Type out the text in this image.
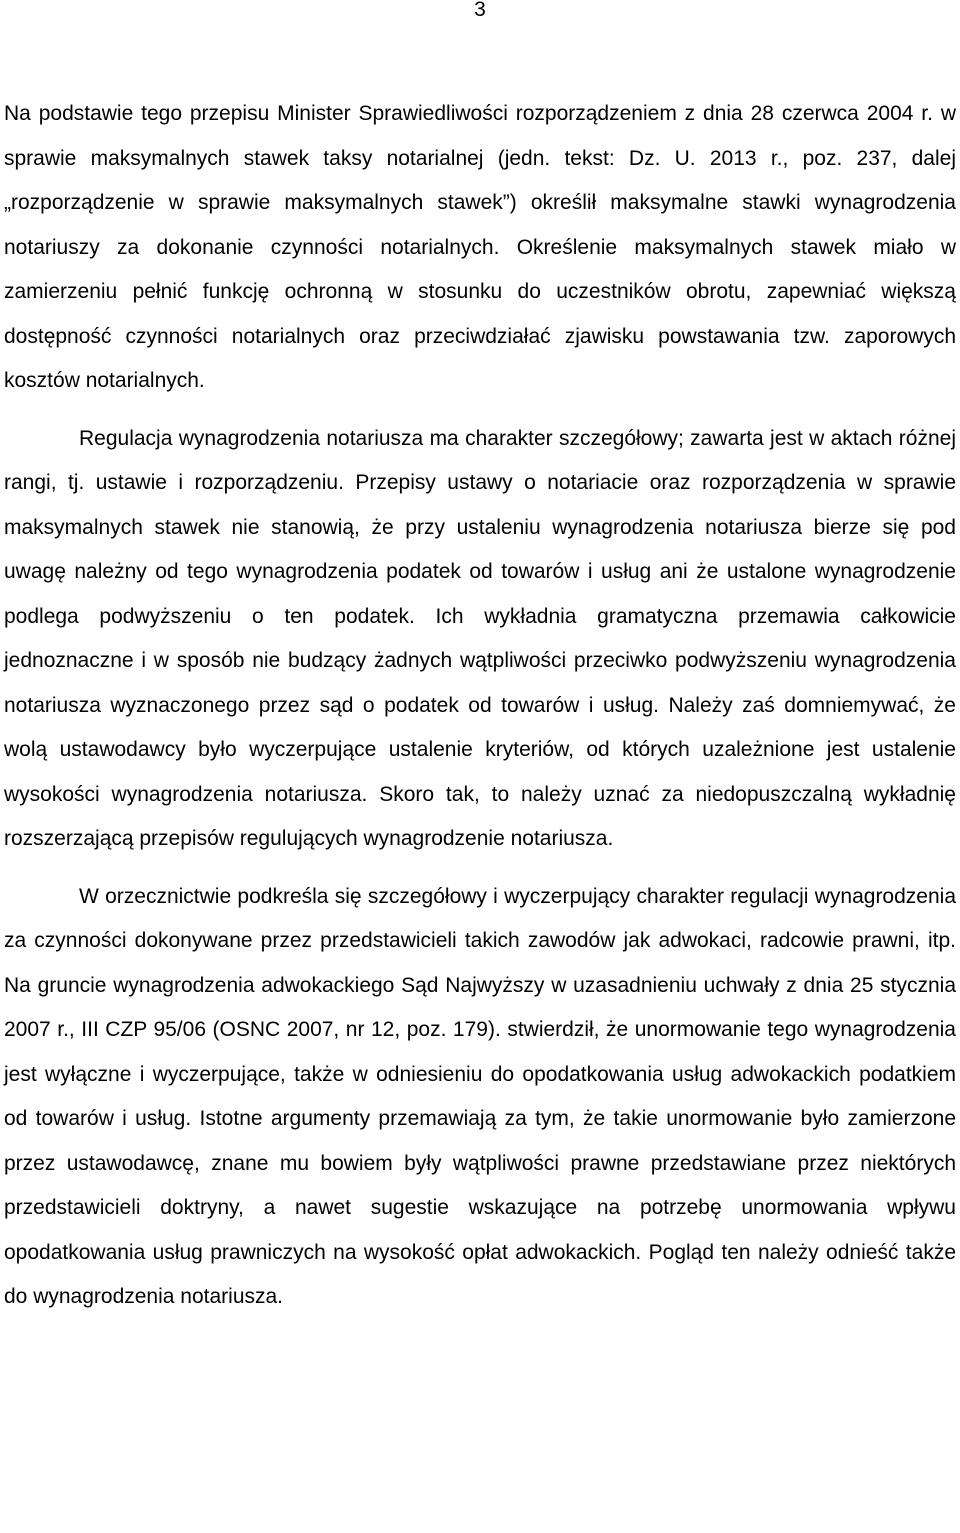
3

Na podstawie tego przepisu Minister Sprawiedliwości rozporządzeniem z dnia 28 czerwca 2004 r. w sprawie maksymalnych stawek taksy notarialnej (jedn. tekst: Dz. U. 2013 r., poz. 237, dalej „rozporządzenie w sprawie maksymalnych stawek”) określił maksymalne stawki wynagrodzenia notariuszy za dokonanie czynności notarialnych. Określenie maksymalnych stawek miało w zamierzeniu pełnić funkcję ochronną w stosunku do uczestników obrotu, zapewniać większą dostępność czynności notarialnych oraz przeciwdziałać zjawisku powstawania tzw. zaporowych kosztów notarialnych.

Regulacja wynagrodzenia notariusza ma charakter szczegółowy; zawarta jest w aktach różnej rangi, tj. ustawie i rozporządzeniu. Przepisy ustawy o notariacie oraz rozporządzenia w sprawie maksymalnych stawek nie stanowią, że przy ustaleniu wynagrodzenia notariusza bierze się pod uwagę należny od tego wynagrodzenia podatek od towarów i usług ani że ustalone wynagrodzenie podlega podwyższeniu o ten podatek. Ich wykładnia gramatyczna przemawia całkowicie jednoznaczne i w sposób nie budzący żadnych wątpliwości przeciwko podwyższeniu wynagrodzenia notariusza wyznaczonego przez sąd o podatek od towarów i usług. Należy zaś domniemywać, że wolą ustawodawcy było wyczerpujące ustalenie kryteriów, od których uzależnione jest ustalenie wysokości wynagrodzenia notariusza. Skoro tak, to należy uznać za niedopuszczalną wykładnię rozszerzającą przepisów regulujących wynagrodzenie notariusza.

W orzecznictwie podkreśla się szczegółowy i wyczerpujący charakter regulacji wynagrodzenia za czynności dokonywane przez przedstawicieli takich zawodów jak adwokaci, radcowie prawni, itp. Na gruncie wynagrodzenia adwokackiego Sąd Najwyższy w uzasadnieniu uchwały z dnia 25 stycznia 2007 r., III CZP 95/06 (OSNC 2007, nr 12, poz. 179). stwierdził, że unormowanie tego wynagrodzenia jest wyłączne i wyczerpujące, także w odniesieniu do opodatkowania usług adwokackich podatkiem od towarów i usług. Istotne argumenty przemawiają za tym, że takie unormowanie było zamierzone przez ustawodawcę, znane mu bowiem były wątpliwości prawne przedstawiane przez niektórych przedstawicieli doktryny, a nawet sugestie wskazujące na potrzebę unormowania wpływu opodatkowania usług prawniczych na wysokość opłat adwokackich. Pogląd ten należy odnieść także do wynagrodzenia notariusza.
